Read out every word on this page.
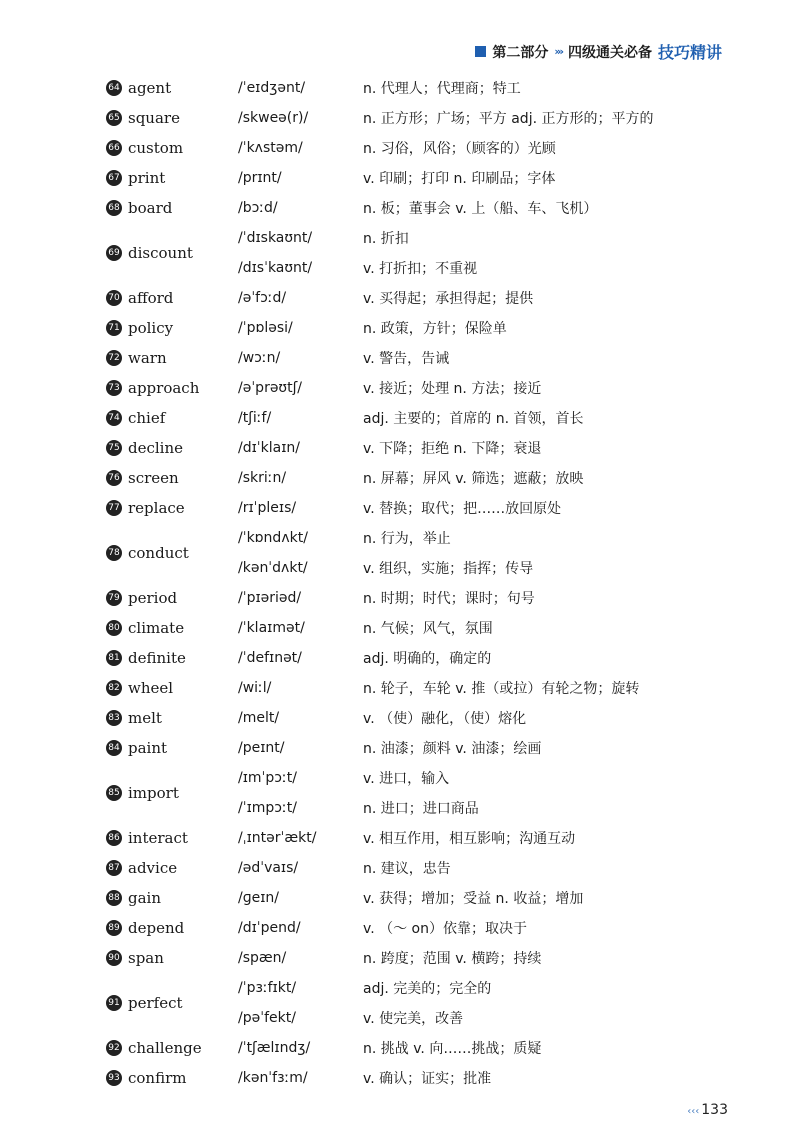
第二部分 ››› 四级通关必备 技巧精讲
64 agent	/ˈeɪdʒənt/	n. 代理人；代理商；特工
65 square	/skweə(r)/	n. 正方形；广场；平方 adj. 正方形的；平方的
66 custom	/ˈkʌstəm/	n. 习俗，风俗；（顾客的）光顾
67 print	/prɪnt/	v. 印刷；打印 n. 印刷品；字体
68 board	/bɔːd/	n. 板；董事会 v. 上（船、车、飞机）
69 discount
/ˈdɪskaʊnt/	n. 折扣
/dɪsˈkaʊnt/	v. 打折扣；不重视
70 afford	/əˈfɔːd/	v. 买得起；承担得起；提供
71 policy	/ˈpɒləsi/	n. 政策，方针；保险单
72 warn	/wɔːn/	v. 警告，告诫
73 approach	/əˈprəʊtʃ/	v. 接近；处理 n. 方法；接近
74 chief	/tʃiːf/	adj. 主要的；首席的 n. 首领，首长
75 decline	/dɪˈklaɪn/	v. 下降；拒绝 n. 下降；衰退
76 screen	/skriːn/	n. 屏幕；屏风 v. 筛选；遮蔽；放映
77 replace	/rɪˈpleɪs/	v. 替换；取代；把……放回原处
78 conduct
/ˈkɒndʌkt/	n. 行为，举止
/kənˈdʌkt/	v. 组织，实施；指挥；传导
79 period	/ˈpɪəriəd/	n. 时期；时代；课时；句号
80 climate	/ˈklaɪmət/	n. 气候；风气，氛围
81 definite	/ˈdefɪnət/	adj. 明确的，确定的
82 wheel	/wiːl/	n. 轮子，车轮 v. 推（或拉）有轮之物；旋转
83 melt	/melt/	v. （使）融化，（使）熔化
84 paint	/peɪnt/	n. 油漆；颜料 v. 油漆；绘画
85 import
/ɪmˈpɔːt/	v. 进口，输入
/ˈɪmpɔːt/	n. 进口；进口商品
86 interact	/ˌɪntərˈækt/	v. 相互作用，相互影响；沟通互动
87 advice	/ədˈvaɪs/	n. 建议，忠告
88 gain	/ɡeɪn/	v. 获得；增加；受益 n. 收益；增加
89 depend	/dɪˈpend/	v. （～ on）依靠；取决于
90 span	/spæn/	n. 跨度；范围 v. 横跨；持续
91 perfect
/ˈpɜːfɪkt/	adj. 完美的；完全的
/pəˈfekt/	v. 使完美，改善
92 challenge	/ˈtʃælɪndʒ/	n. 挑战 v. 向……挑战；质疑
93 confirm	/kənˈfɜːm/	v. 确认；证实；批准
‹‹‹ 133
